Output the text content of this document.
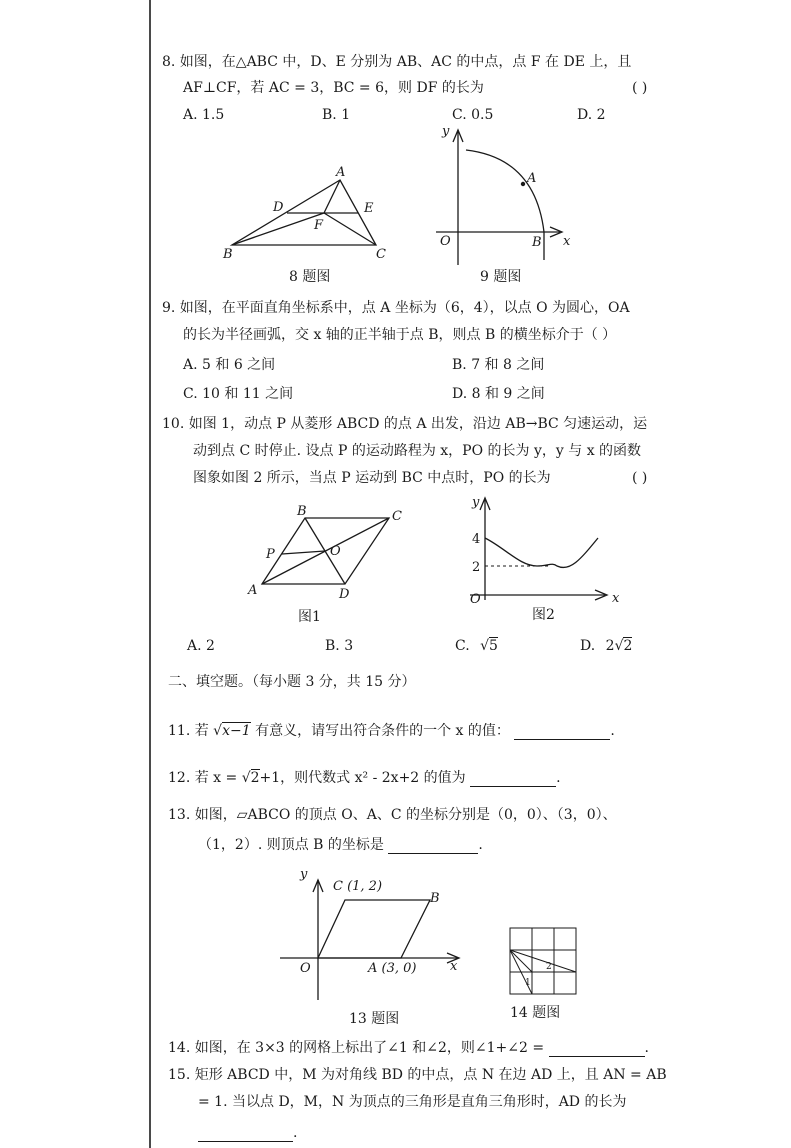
8. 如图，在△ABC 中，D、E 分别为 AB、AC 的中点，点 F 在 DE 上，且
AF⊥CF，若 AC = 3，BC = 6，则 DF 的长为	( )
A. 1.5	B. 1	C. 0.5	D. 2
A
D	E
F
B	C
8 题图
y
x
O
A
B
9 题图
9. 如图，在平面直角坐标系中，点 A 坐标为（6，4），以点 O 为圆心，OA
的长为半径画弧，交 x 轴的正半轴于点 B，则点 B 的横坐标介于（ ）
A. 5 和 6 之间	B. 7 和 8 之间
C. 10 和 11 之间	D. 8 和 9 之间
10. 如图 1，动点 P 从菱形 ABCD 的点 A 出发，沿边 AB→BC 匀速运动，运
动到点 C 时停止. 设点 P 的运动路程为 x，PO 的长为 y，y 与 x 的函数
图象如图 2 所示，当点 P 运动到 BC 中点时，PO 的长为	( )
B	C
P	O
A	D
图1
y
x
O
4
2
图2
A. 2	B. 3	C. √5	D. 2√2
二、填空题。（每小题 3 分，共 15 分）
11. 若 √x−1 有意义，请写出符合条件的一个 x 的值：	.
12. 若 x = √2+1，则代数式 x² - 2x+2 的值为	.
13. 如图，▱ABCO 的顶点 O、A、C 的坐标分别是（0，0）、（3，0）、
（1，2）. 则顶点 B 的坐标是	.
y
x
O
C (1, 2)
B
A (3, 0)
13 题图
1
2
14 题图
14. 如图，在 3×3 的网格上标出了∠1 和∠2，则∠1+∠2 =	.
15. 矩形 ABCD 中，M 为对角线 BD 的中点，点 N 在边 AD 上，且 AN = AB
= 1. 当以点 D，M，N 为顶点的三角形是直角三角形时，AD 的长为
.
